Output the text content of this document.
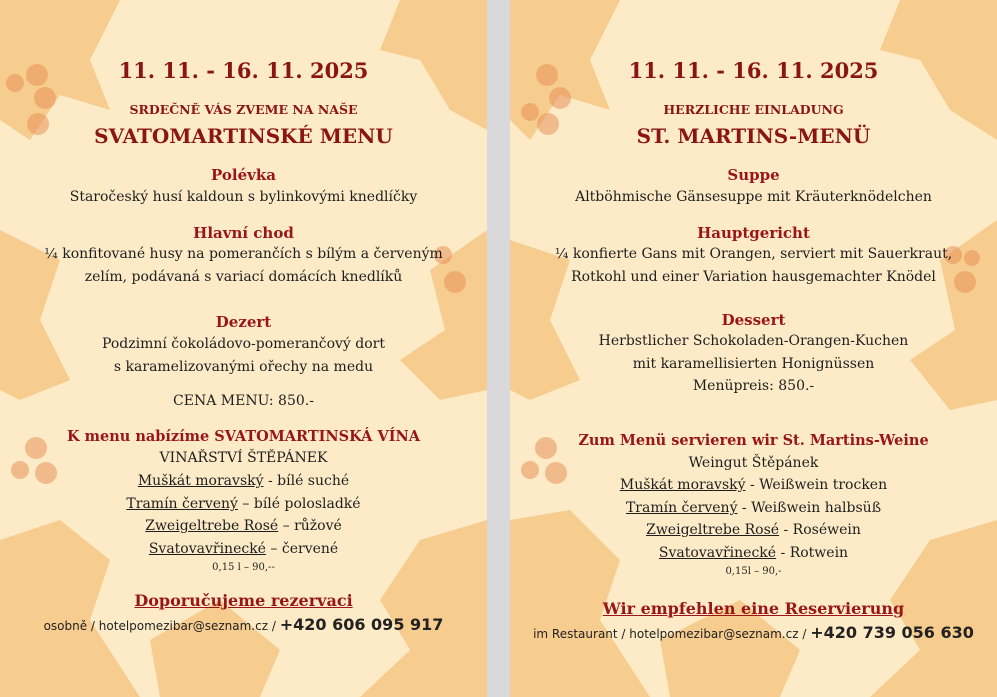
11. 11. - 16. 11. 2025
SRDEČNĚ VÁS ZVEME NA NAŠE
SVATOMARTINSKÉ MENU
Polévka
Staročeský husí kaldoun s bylinkovými knedlíčky
Hlavní chod
¼ konfitované husy na pomerančích s bílým a červeným
zelím, podávaná s variací domácích knedlíků
Dezert
Podzimní čokoládovo-pomerančový dort
s karamelizovanými ořechy na medu
CENA MENU: 850.-
K menu nabízíme SVATOMARTINSKÁ VÍNA
VINAŘSTVÍ ŠTĚPÁNEK
Muškát moravský - bílé suché
Tramín červený – bílé polosladké
Zweigeltrebe Rosé – růžové
Svatovavřinecké – červené
0,15 l – 90,--
Doporučujeme rezervaci
osobně / hotelpomezibar@seznam.cz / +420 606 095 917
11. 11. - 16. 11. 2025
HERZLICHE EINLADUNG
ST. MARTINS-MENÜ
Suppe
Altböhmische Gänsesuppe mit Kräuterknödelchen
Hauptgericht
¼ konfierte Gans mit Orangen, serviert mit Sauerkraut,
Rotkohl und einer Variation hausgemachter Knödel
Dessert
Herbstlicher Schokoladen-Orangen-Kuchen
mit karamellisierten Honignüssen
Menüpreis: 850.-
Zum Menü servieren wir St. Martins-Weine
Weingut Štěpánek
Muškát moravský - Weißwein trocken
Tramín červený - Weißwein halbsüß
Zweigeltrebe Rosé - Roséwein
Svatovavřinecké - Rotwein
0,15l – 90,-
Wir empfehlen eine Reservierung
im Restaurant / hotelpomezibar@seznam.cz / +420 739 056 630
